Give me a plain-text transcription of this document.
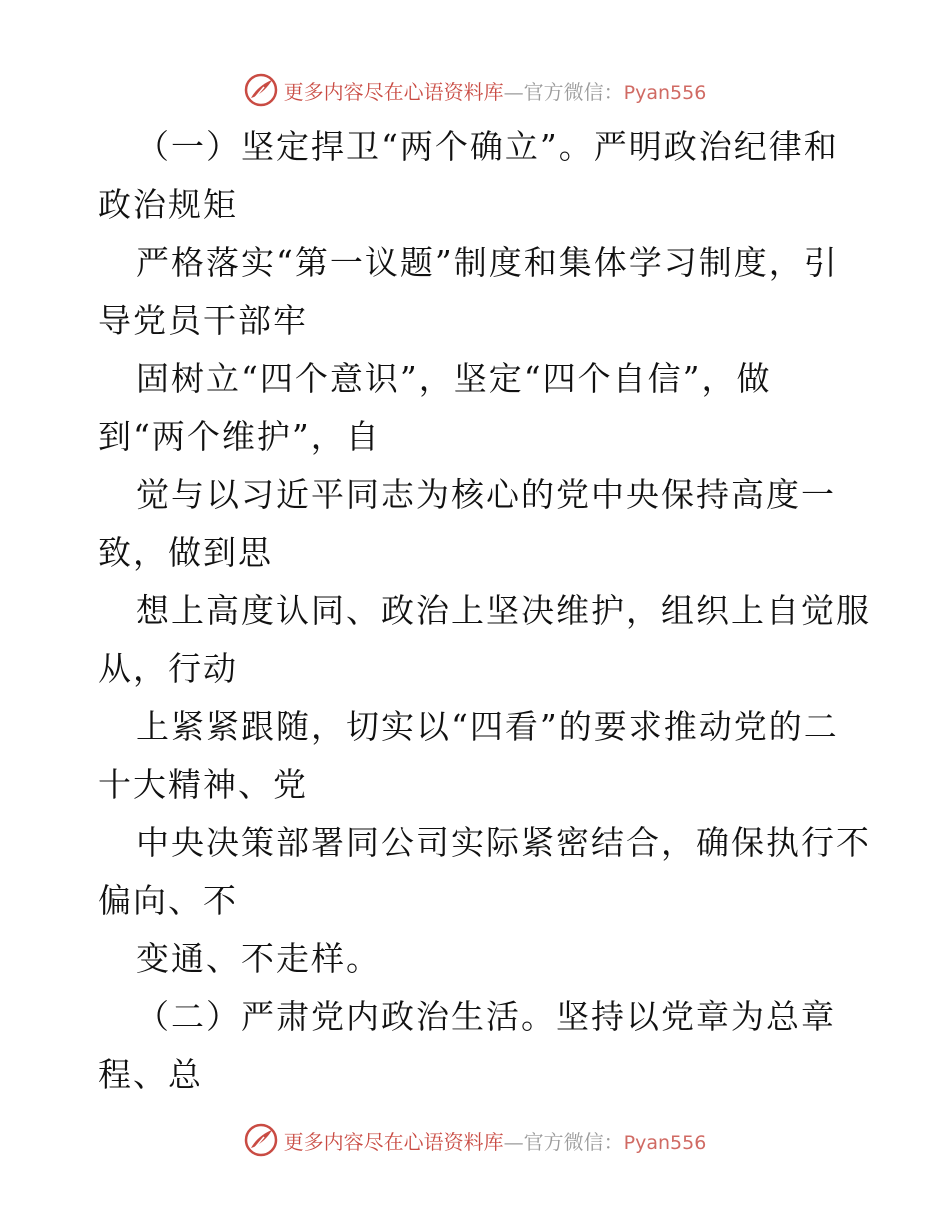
更多内容尽在心语资料库—官方微信：Pyan556
（一）坚定捍卫“两个确立”。严明政治纪律和
政治规矩
严格落实“第一议题”制度和集体学习制度，引
导党员干部牢
固树立“四个意识”，坚定“四个自信”，做
到“两个维护”，自
觉与以习近平同志为核心的党中央保持高度一
致，做到思
想上高度认同、政治上坚决维护，组织上自觉服
从，行动
上紧紧跟随，切实以“四看”的要求推动党的二
十大精神、党
中央决策部署同公司实际紧密结合，确保执行不
偏向、不
变通、不走样。
（二）严肃党内政治生活。坚持以党章为总章
程、总
更多内容尽在心语资料库—官方微信：Pyan556
